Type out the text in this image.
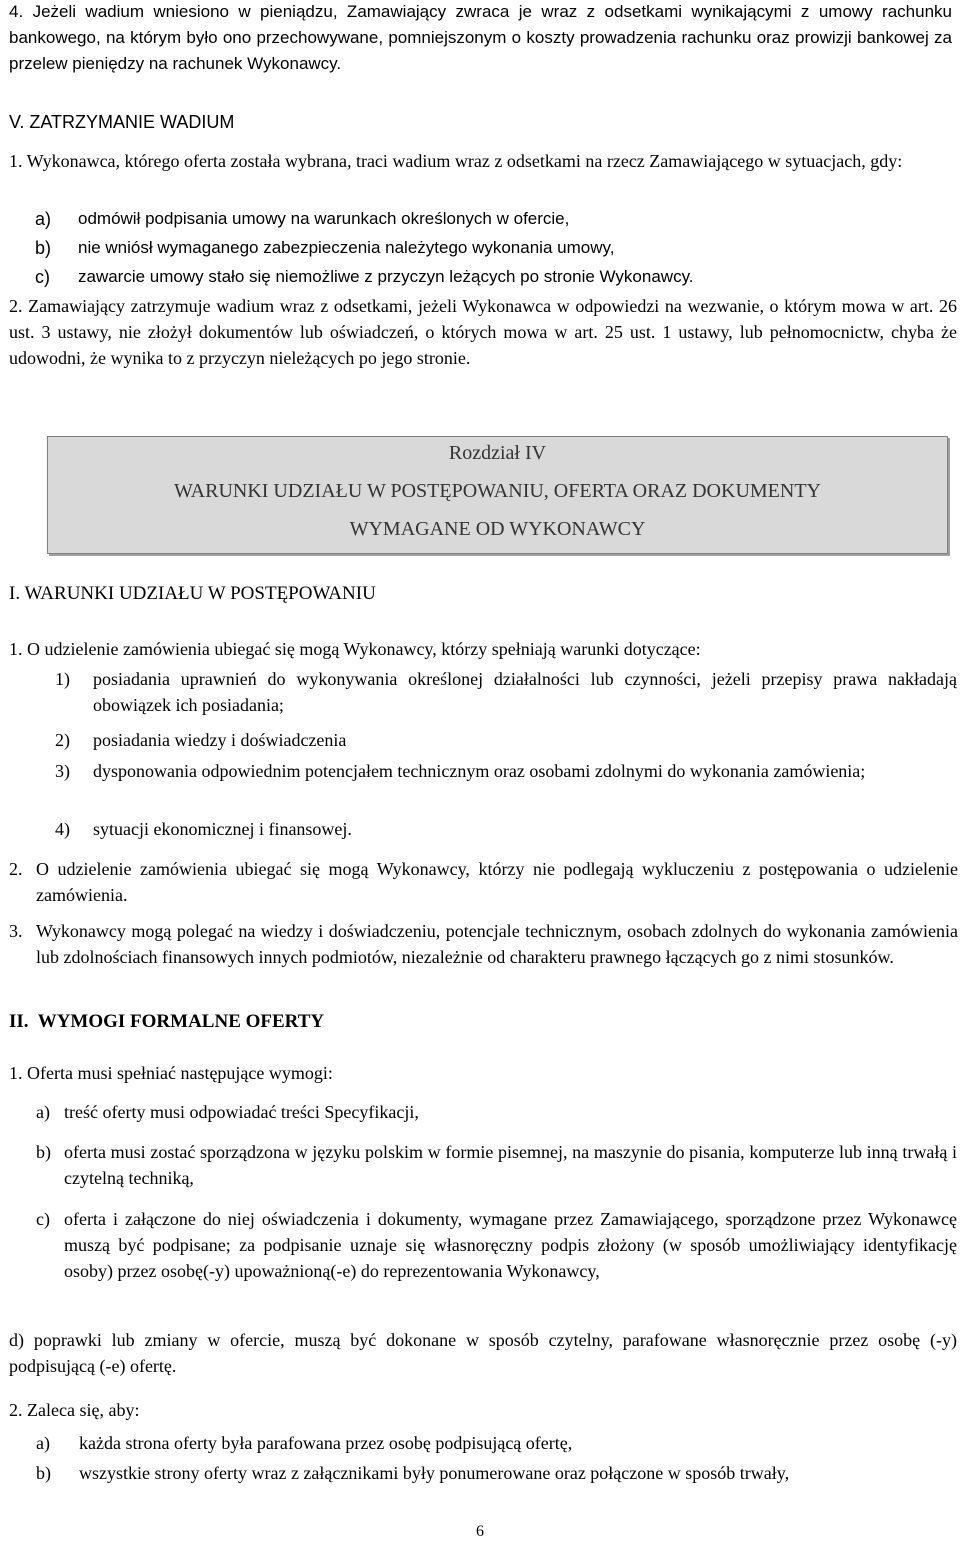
4. Jeżeli wadium wniesiono w pieniądzu, Zamawiający zwraca je wraz z odsetkami wynikającymi z umowy rachunku bankowego, na którym było ono przechowywane, pomniejszonym o koszty prowadzenia rachunku oraz prowizji bankowej za przelew pieniędzy na rachunek Wykonawcy.
V. ZATRZYMANIE WADIUM
1. Wykonawca, którego oferta została wybrana, traci wadium wraz z odsetkami na rzecz Zamawiającego w sytuacjach, gdy:
a) odmówił podpisania umowy na warunkach określonych w ofercie,
b) nie wniósł wymaganego zabezpieczenia należytego wykonania umowy,
c) zawarcie umowy stało się niemożliwe z przyczyn leżących po stronie Wykonawcy.
2. Zamawiający zatrzymuje wadium wraz z odsetkami, jeżeli Wykonawca w odpowiedzi na wezwanie, o którym mowa w art. 26 ust. 3 ustawy, nie złożył dokumentów lub oświadczeń, o których mowa w art. 25 ust. 1 ustawy, lub pełnomocnictw, chyba że udowodni, że wynika to z przyczyn nieleżących po jego stronie.
Rozdział IV
WARUNKI UDZIAŁU W POSTĘPOWANIU, OFERTA ORAZ DOKUMENTY
WYMAGANE OD WYKONAWCY
I. WARUNKI UDZIAŁU W POSTĘPOWANIU
1. O udzielenie zamówienia ubiegać się mogą Wykonawcy, którzy spełniają warunki dotyczące:
1) posiadania uprawnień do wykonywania określonej działalności lub czynności, jeżeli przepisy prawa nakładają obowiązek ich posiadania;
2) posiadania wiedzy i doświadczenia
3) dysponowania odpowiednim potencjałem technicznym oraz osobami zdolnymi do wykonania zamówienia;
4) sytuacji ekonomicznej i finansowej.
2. O udzielenie zamówienia ubiegać się mogą Wykonawcy, którzy nie podlegają wykluczeniu z postępowania o udzielenie zamówienia.
3. Wykonawcy mogą polegać na wiedzy i doświadczeniu, potencjale technicznym, osobach zdolnych do wykonania zamówienia lub zdolnościach finansowych innych podmiotów, niezależnie od charakteru prawnego łączących go z nimi stosunków.
II.  WYMOGI FORMALNE OFERTY
1. Oferta musi spełniać następujące wymogi:
a) treść oferty musi odpowiadać treści Specyfikacji,
b) oferta musi zostać sporządzona w języku polskim w formie pisemnej, na maszynie do pisania, komputerze lub inną trwałą i czytelną techniką,
c) oferta i załączone do niej oświadczenia i dokumenty, wymagane przez Zamawiającego, sporządzone przez Wykonawcę muszą być podpisane; za podpisanie uznaje się własnoręczny podpis złożony (w sposób umożliwiający identyfikację osoby) przez osobę(-y) upoważnioną(-e) do reprezentowania Wykonawcy,
d) poprawki lub zmiany w ofercie, muszą być dokonane w sposób czytelny, parafowane własnoręcznie przez osobę (-y) podpisującą (-e) ofertę.
2. Zaleca się, aby:
a) każda strona oferty była parafowana przez osobę podpisującą ofertę,
b) wszystkie strony oferty wraz z załącznikami były ponumerowane oraz połączone w sposób trwały,
6
